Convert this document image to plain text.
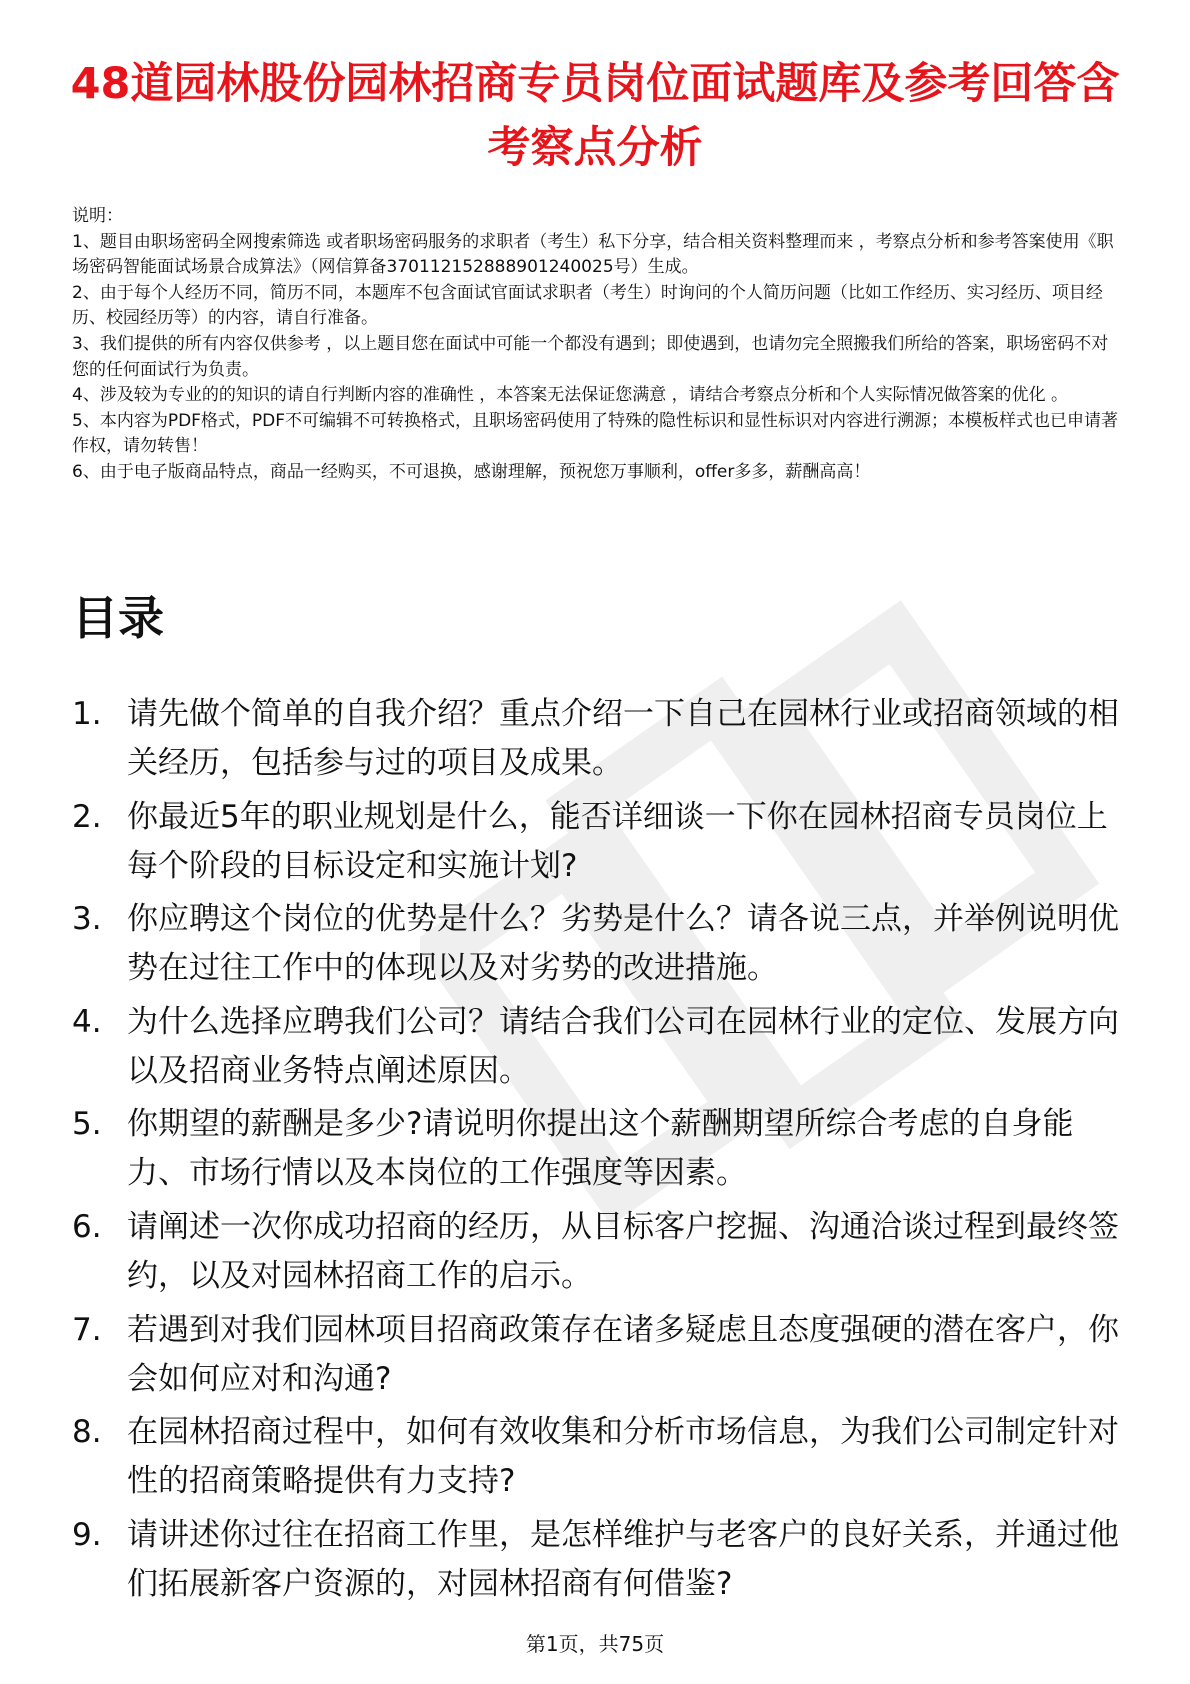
48道园林股份园林招商专员岗位面试题库及参考回答含考察点分析

说明：

1、题目由职场密码全网搜索筛选 或者职场密码服务的求职者（考生）私下分享，结合相关资料整理而来 ，考察点分析和参考答案使用《职场密码智能面试场景合成算法》（网信算备370112152888901240025号）生成。

2、由于每个人经历不同，简历不同，本题库不包含面试官面试求职者（考生）时询问的个人简历问题（比如工作经历、实习经历、项目经历、校园经历等）的内容，请自行准备。

3、我们提供的所有内容仅供参考 ，以上题目您在面试中可能一个都没有遇到；即使遇到，也请勿完全照搬我们所给的答案，职场密码不对您的任何面试行为负责。

4、涉及较为专业的的知识的请自行判断内容的准确性 ，本答案无法保证您满意 ，请结合考察点分析和个人实际情况做答案的优化 。

5、本内容为PDF格式，PDF不可编辑不可转换格式，且职场密码使用了特殊的隐性标识和显性标识对内容进行溯源；本模板样式也已申请著作权，请勿转售！

6、由于电子版商品特点，商品一经购买，不可退换，感谢理解，预祝您万事顺利，offer多多，薪酬高高！

目录
1. 请先做个简单的自我介绍？重点介绍一下自己在园林行业或招商领域的相关经历，包括参与过的项目及成果。
2. 你最近5年的职业规划是什么，能否详细谈一下你在园林招商专员岗位上每个阶段的目标设定和实施计划?
3. 你应聘这个岗位的优势是什么？劣势是什么？请各说三点，并举例说明优势在过往工作中的体现以及对劣势的改进措施。
4. 为什么选择应聘我们公司？请结合我们公司在园林行业的定位、发展方向以及招商业务特点阐述原因。
5. 你期望的薪酬是多少?请说明你提出这个薪酬期望所综合考虑的自身能力、市场行情以及本岗位的工作强度等因素。
6. 请阐述一次你成功招商的经历，从目标客户挖掘、沟通洽谈过程到最终签约，以及对园林招商工作的启示。
7. 若遇到对我们园林项目招商政策存在诸多疑虑且态度强硬的潜在客户，你会如何应对和沟通?
8. 在园林招商过程中，如何有效收集和分析市场信息，为我们公司制定针对性的招商策略提供有力支持?
9. 请讲述你过往在招商工作里，是怎样维护与老客户的良好关系，并通过他们拓展新客户资源的，对园林招商有何借鉴?
第1页，共75页
